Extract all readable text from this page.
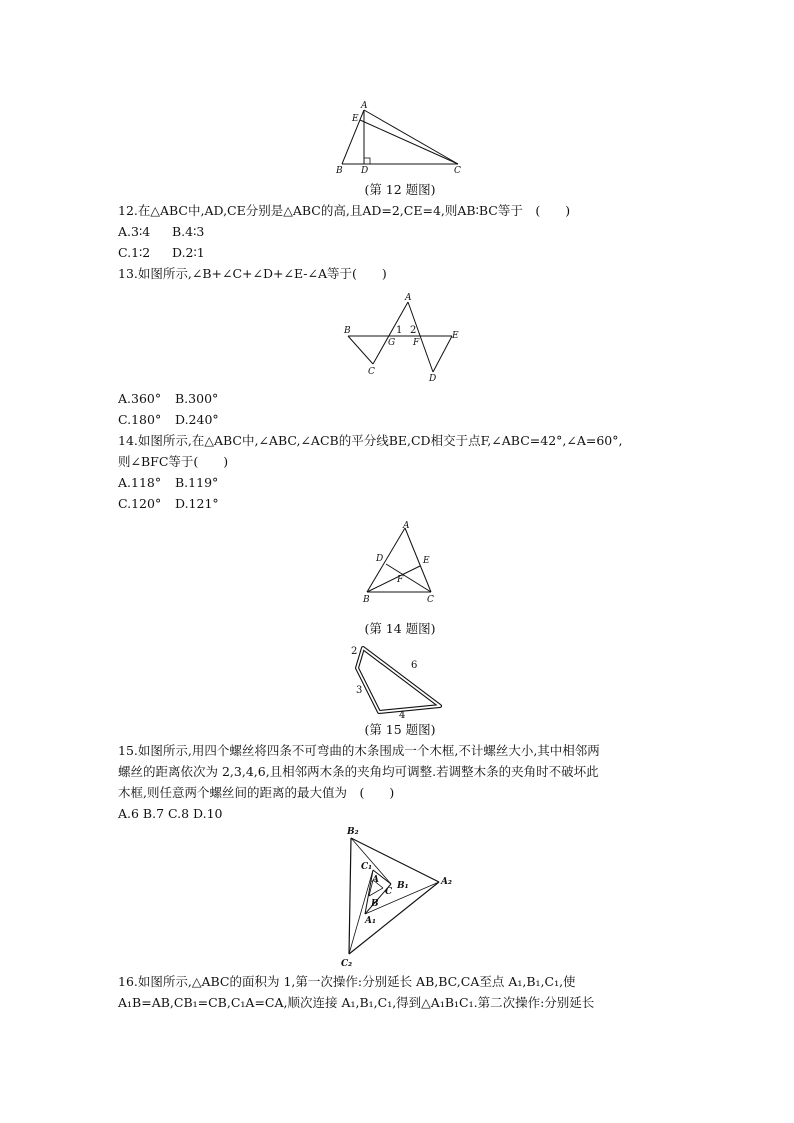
A
E
B D	C
(第 12 题图)
12.在△ABC中,AD,CE分别是△ABC的高,且AD=2,CE=4,则AB∶BC等于　(　　)
A.3∶4 B.4∶3
C.1∶2 D.2∶1
13.如图所示,∠B+∠C+∠D+∠E-∠A等于(　　)
A
B	E
C
D
G F
1 2
A.360° B.300°
C.180° D.240°
14.如图所示,在△ABC中,∠ABC,∠ACB的平分线BE,CD相交于点F,∠ABC=42°,∠A=60°,
则∠BFC等于(　　)
A.118° B.119°
C.120° D.121°
A
D	E
F
B	C
(第 14 题图)
2
6
3
4
(第 15 题图)
15.如图所示,用四个螺丝将四条不可弯曲的木条围成一个木框,不计螺丝大小,其中相邻两
螺丝的距离依次为 2,3,4,6,且相邻两木条的夹角均可调整.若调整木条的夹角时不破坏此
木框,则任意两个螺丝间的距离的最大值为　(　　)
A.6 B.7 C.8 D.10
B₂
C₁
A
B₁
C
B
A₁
A₂
C₂
16.如图所示,△ABC的面积为 1,第一次操作:分别延长 AB,BC,CA至点 A₁,B₁,C₁,使
A₁B=AB,CB₁=CB,C₁A=CA,顺次连接 A₁,B₁,C₁,得到△A₁B₁C₁.第二次操作:分别延长
